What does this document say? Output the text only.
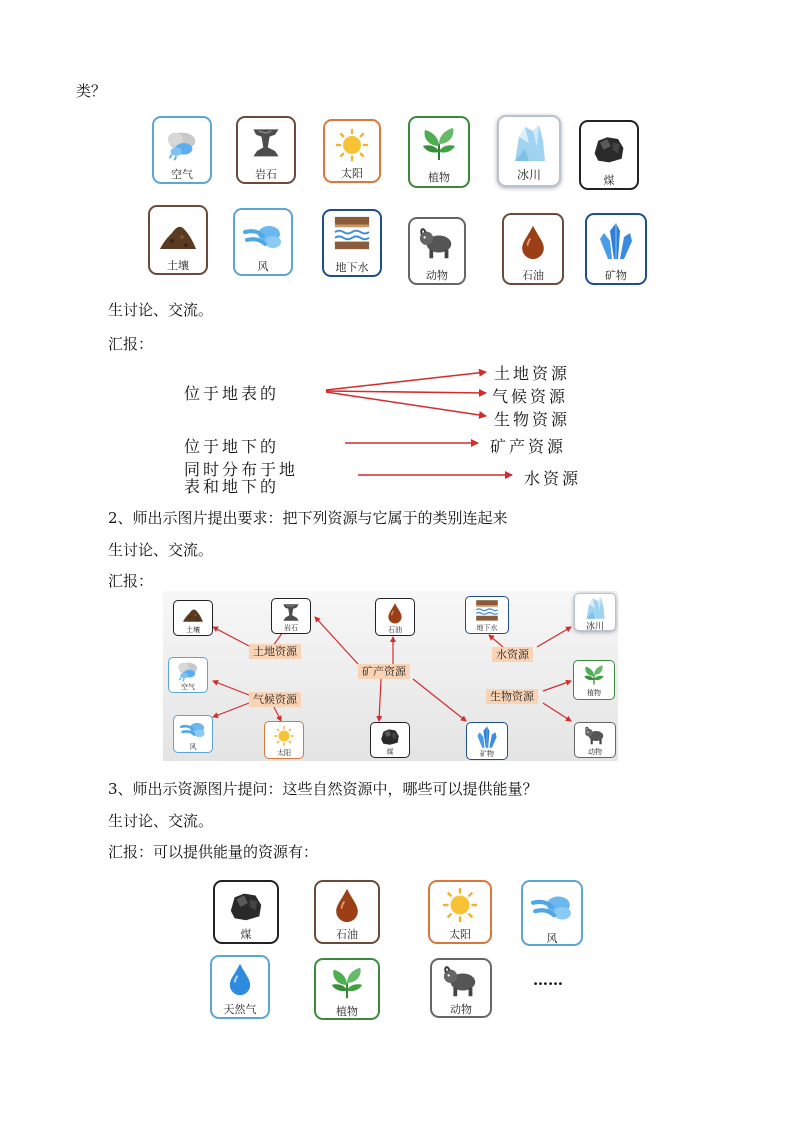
类？
空气	岩石	太阳	植物	冰川	煤
土壤	风	地下水
动物	石油	矿物
生讨论、交流。
汇报：
位于地表的
位于地下的
同时分布于地
表和地下的
土地资源
气候资源
生物资源
矿产资源
水资源
2、师出示图片提出要求：把下列资源与它属于的类别连起来
生讨论、交流。
汇报：
土地资源
气候资源
矿产资源
水资源
生物资源
土壤	岩石	石油	地下水	冰川
空气
植物
风
太阳	煤	矿物	动物
3、师出示资源图片提问：这些自然资源中，哪些可以提供能量？
生讨论、交流。
汇报：可以提供能量的资源有：
煤	石油	太阳	风
天然气	植物	动物
……
